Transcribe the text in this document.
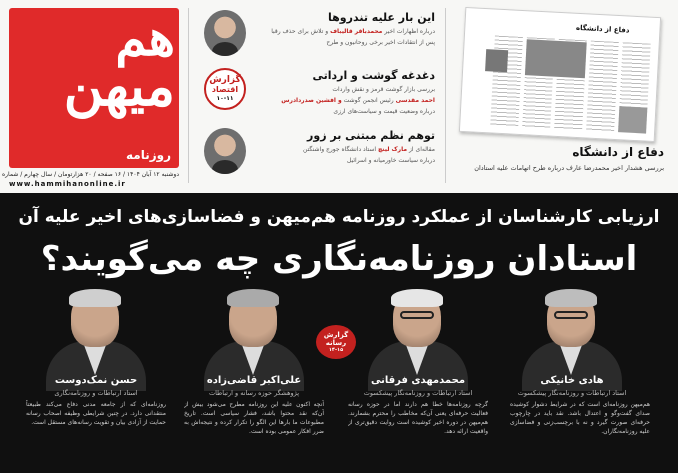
هم
میهن
روزنامه
دوشنبه ۱۲ آبان ۱۴۰۴ / ۱۶ صفحه / ۲۰ هزارتومان / سال چهارم / شماره
www.hammihanonline.ir
این بار علیه تندروها

درباره اظهارات اخیر محمدباقر قالیباف و تلاش برای حذف رقبا

پس از انتقادات اخیر برخی روحانیون و طرح

دغدغه گوشت و ارداتی

بررسی بازار گوشت قرمز و نقش واردات

احمد مقدسی رئیس انجمن گوشت و افشین صدردادرس

درباره وضعیت قیمت و سیاست‌های ارزی

گزارش
اقتصاد
۱۰-۱۱
توهم نظم مبتنی بر زور

مقاله‌ای از مارک لینچ استاد دانشگاه جورج واشنگتن

درباره سیاست خاورمیانه و اسرائیل

دفاع از دانشگاه
دفاع از دانشگاه
بررسی هشدار اخیر محمدرضا عارف درباره طرح اتهامات علیه استادان
ارزیابی کارشناسان از عملکرد روزنامه هم‌میهن و فضاسازی‌های اخیر علیه آن
استادان روزنامه‌نگاری چه می‌گویند؟
حسن نمک‌دوست
استاد ارتباطات و روزنامه‌نگاری
روزنامه‌ای که از جامعه مدنی دفاع می‌کند طبیعتاً منتقدانی دارد. در چنین شرایطی وظیفه اصحاب رسانه حمایت از آزادی بیان و تقویت رسانه‌های مستقل است.
علی‌اکبر قاضی‌زاده
پژوهشگر حوزه رسانه و ارتباطات
آنچه اکنون علیه این روزنامه مطرح می‌شود بیش از آن‌که نقد محتوا باشد، فشار سیاسی است. تاریخ مطبوعات ما بارها این الگو را تکرار کرده و نتیجه‌اش به ضرر افکار عمومی بوده است.
گزارش
رسانه
۱۴-۱۵
محمدمهدی فرقانی
استاد ارتباطات و روزنامه‌نگار پیشکسوت
گرچه روزنامه‌ها خطا هم دارند اما در حوزه رسانه فعالیت حرفه‌ای یعنی آن‌که مخاطب را محترم بشمارند. هم‌میهن در دوره اخیر کوشیده است روایت دقیق‌تری از واقعیت ارائه دهد.
هادی خانیکی
استاد ارتباطات و روزنامه‌نگار پیشکسوت
هم‌میهن روزنامه‌ای است که در شرایط دشوار کوشیده صدای گفت‌وگو و اعتدال باشد. نقد باید در چارچوب حرفه‌ای صورت گیرد و نه با برچسب‌زنی و فضاسازی علیه روزنامه‌نگاران.
